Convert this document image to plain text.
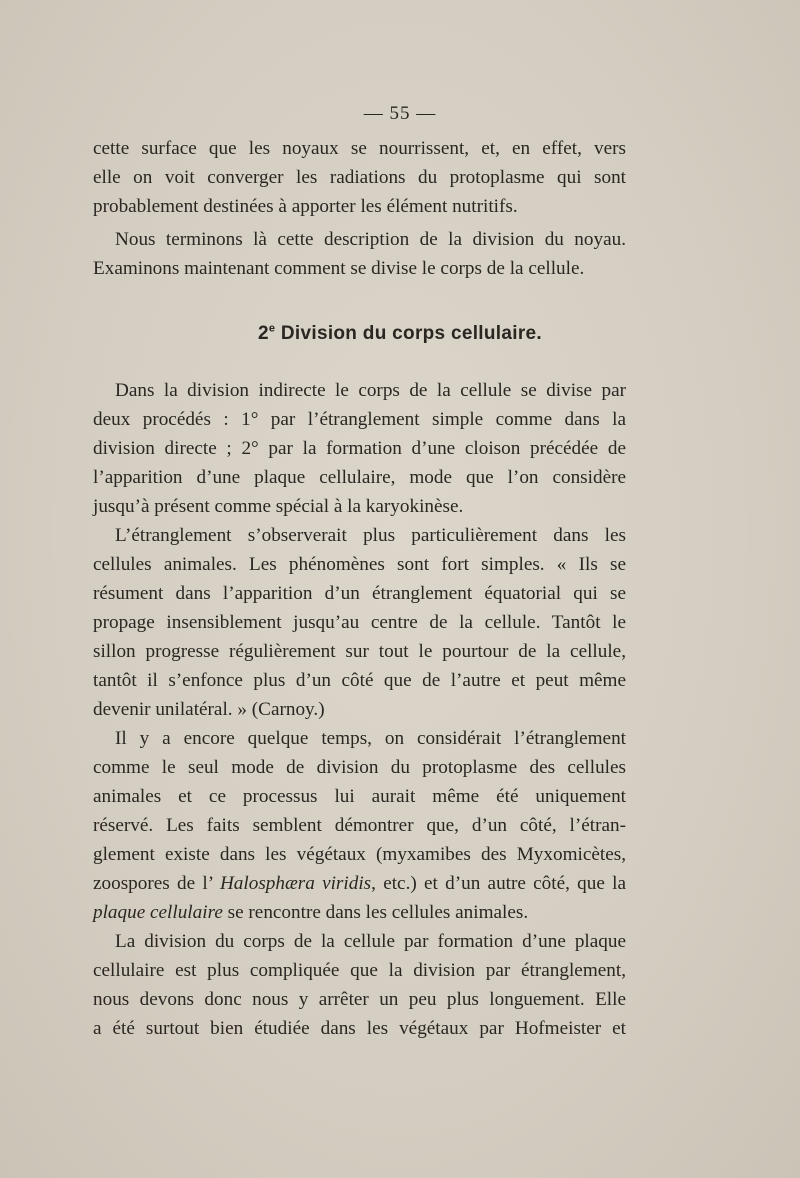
— 55 —
cette surface que les noyaux se nourrissent, et, en effet, vers
elle on voit converger les radiations du protoplasme qui sont
probablement destinées à apporter les élément nutritifs.
Nous terminons là cette description de la division du noyau.
Examinons maintenant comment se divise le corps de la cellule.
2e Division du corps cellulaire.
Dans la division indirecte le corps de la cellule se divise par
deux procédés : 1° par l’étranglement simple comme dans la
division directe ; 2° par la formation d’une cloison précédée de
l’apparition d’une plaque cellulaire, mode que l’on considère
jusqu’à présent comme spécial à la karyokinèse.
L’étranglement s’observerait plus particulièrement dans les
cellules animales. Les phénomènes sont fort simples. « Ils se
résument dans l’apparition d’un étranglement équatorial qui se
propage insensiblement jusqu’au centre de la cellule. Tantôt le
sillon progresse régulièrement sur tout le pourtour de la cellule,
tantôt il s’enfonce plus d’un côté que de l’autre et peut même
devenir unilatéral. » (Carnoy.)
Il y a encore quelque temps, on considérait l’étranglement
comme le seul mode de division du protoplasme des cellules
animales et ce processus lui aurait même été uniquement
réservé. Les faits semblent démontrer que, d’un côté, l’étran-
glement existe dans les végétaux (myxamibes des Myxomicètes,
zoospores de l’ Halosphæra viridis, etc.) et d’un autre côté, que la
plaque cellulaire se rencontre dans les cellules animales.
La division du corps de la cellule par formation d’une plaque
cellulaire est plus compliquée que la division par étranglement,
nous devons donc nous y arrêter un peu plus longuement. Elle
a été surtout bien étudiée dans les végétaux par Hofmeister et
